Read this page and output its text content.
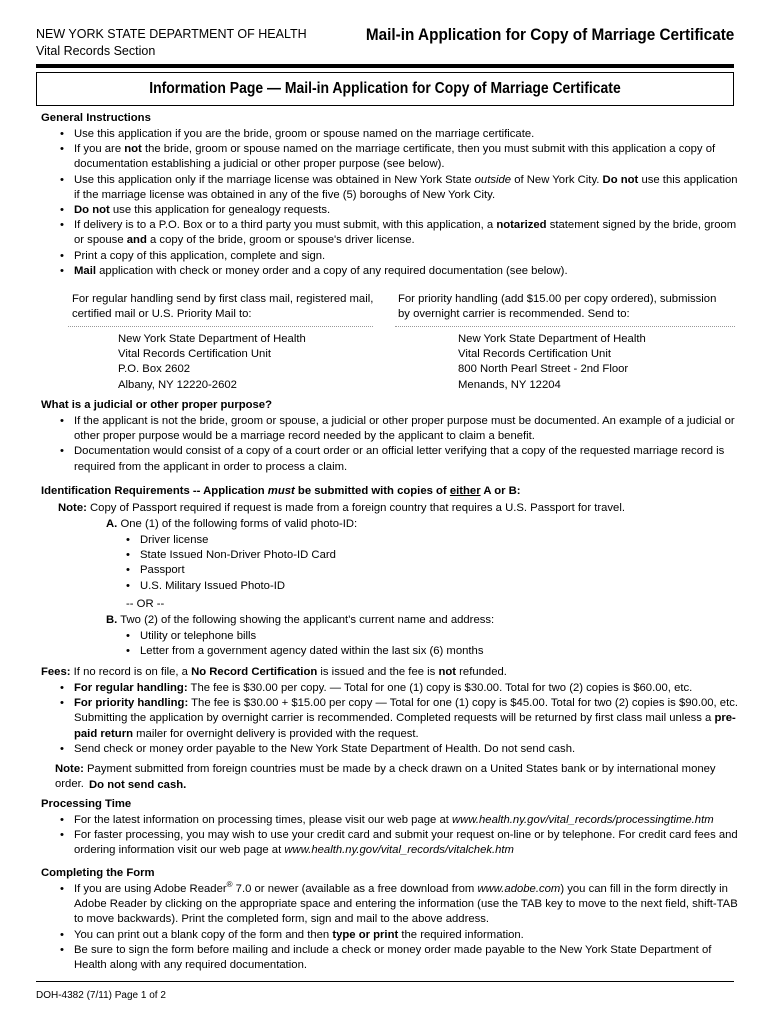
NEW YORK STATE DEPARTMENT OF HEALTH
Vital Records Section
Mail-in Application for Copy of Marriage Certificate
Information Page — Mail-in Application for Copy of Marriage Certificate
General Instructions
• Use this application if you are the bride, groom or spouse named on the marriage certificate.
• If you are not the bride, groom or spouse named on the marriage certificate, then you must submit with this application a copy of documentation establishing a judicial or other proper purpose (see below).
• Use this application only if the marriage license was obtained in New York State outside of New York City. Do not use this application if the marriage license was obtained in any of the five (5) boroughs of New York City.
• Do not use this application for genealogy requests.
• If delivery is to a P.O. Box or to a third party you must submit, with this application, a notarized statement signed by the bride, groom or spouse and a copy of the bride, groom or spouse's driver license.
• Print a copy of this application, complete and sign.
• Mail application with check or money order and a copy of any required documentation (see below).
For regular handling send by first class mail, registered mail, certified mail or U.S. Priority Mail to:
For priority handling (add $15.00 per copy ordered), submission by overnight carrier is recommended. Send to:
New York State Department of Health
Vital Records Certification Unit
P.O. Box 2602
Albany, NY 12220-2602
New York State Department of Health
Vital Records Certification Unit
800 North Pearl Street - 2nd Floor
Menands, NY 12204
What is a judicial or other proper purpose?
• If the applicant is not the bride, groom or spouse, a judicial or other proper purpose must be documented. An example of a judicial or other proper purpose would be a marriage record needed by the applicant to claim a benefit.
• Documentation would consist of a copy of a court order or an official letter verifying that a copy of the requested marriage record is required from the applicant in order to process a claim.
Identification Requirements -- Application must be submitted with copies of either A or B:
Note: Copy of Passport required if request is made from a foreign country that requires a U.S. Passport for travel.
A. One (1) of the following forms of valid photo-ID:
• Driver license
• State Issued Non-Driver Photo-ID Card
• Passport
• U.S. Military Issued Photo-ID
-- OR --
B. Two (2) of the following showing the applicant's current name and address:
• Utility or telephone bills
• Letter from a government agency dated within the last six (6) months
Fees: If no record is on file, a No Record Certification is issued and the fee is not refunded.
• For regular handling: The fee is $30.00 per copy. — Total for one (1) copy is $30.00. Total for two (2) copies is $60.00, etc.
• For priority handling: The fee is $30.00 + $15.00 per copy — Total for one (1) copy is $45.00. Total for two (2) copies is $90.00, etc. Submitting the application by overnight carrier is recommended. Completed requests will be returned by first class mail unless a pre-paid return mailer for overnight delivery is provided with the request.
• Send check or money order payable to the New York State Department of Health. Do not send cash.
Note: Payment submitted from foreign countries must be made by a check drawn on a United States bank or by international money order. Do not send cash.
Processing Time
• For the latest information on processing times, please visit our web page at www.health.ny.gov/vital_records/processingtime.htm
• For faster processing, you may wish to use your credit card and submit your request on-line or by telephone. For credit card fees and ordering information visit our web page at www.health.ny.gov/vital_records/vitalchek.htm
Completing the Form
• If you are using Adobe Reader® 7.0 or newer (available as a free download from www.adobe.com) you can fill in the form directly in Adobe Reader by clicking on the appropriate space and entering the information (use the TAB key to move to the next field, shift-TAB to move backwards). Print the completed form, sign and mail to the above address.
• You can print out a blank copy of the form and then type or print the required information.
• Be sure to sign the form before mailing and include a check or money order made payable to the New York State Department of Health along with any required documentation.
DOH-4382 (7/11) Page 1 of 2
